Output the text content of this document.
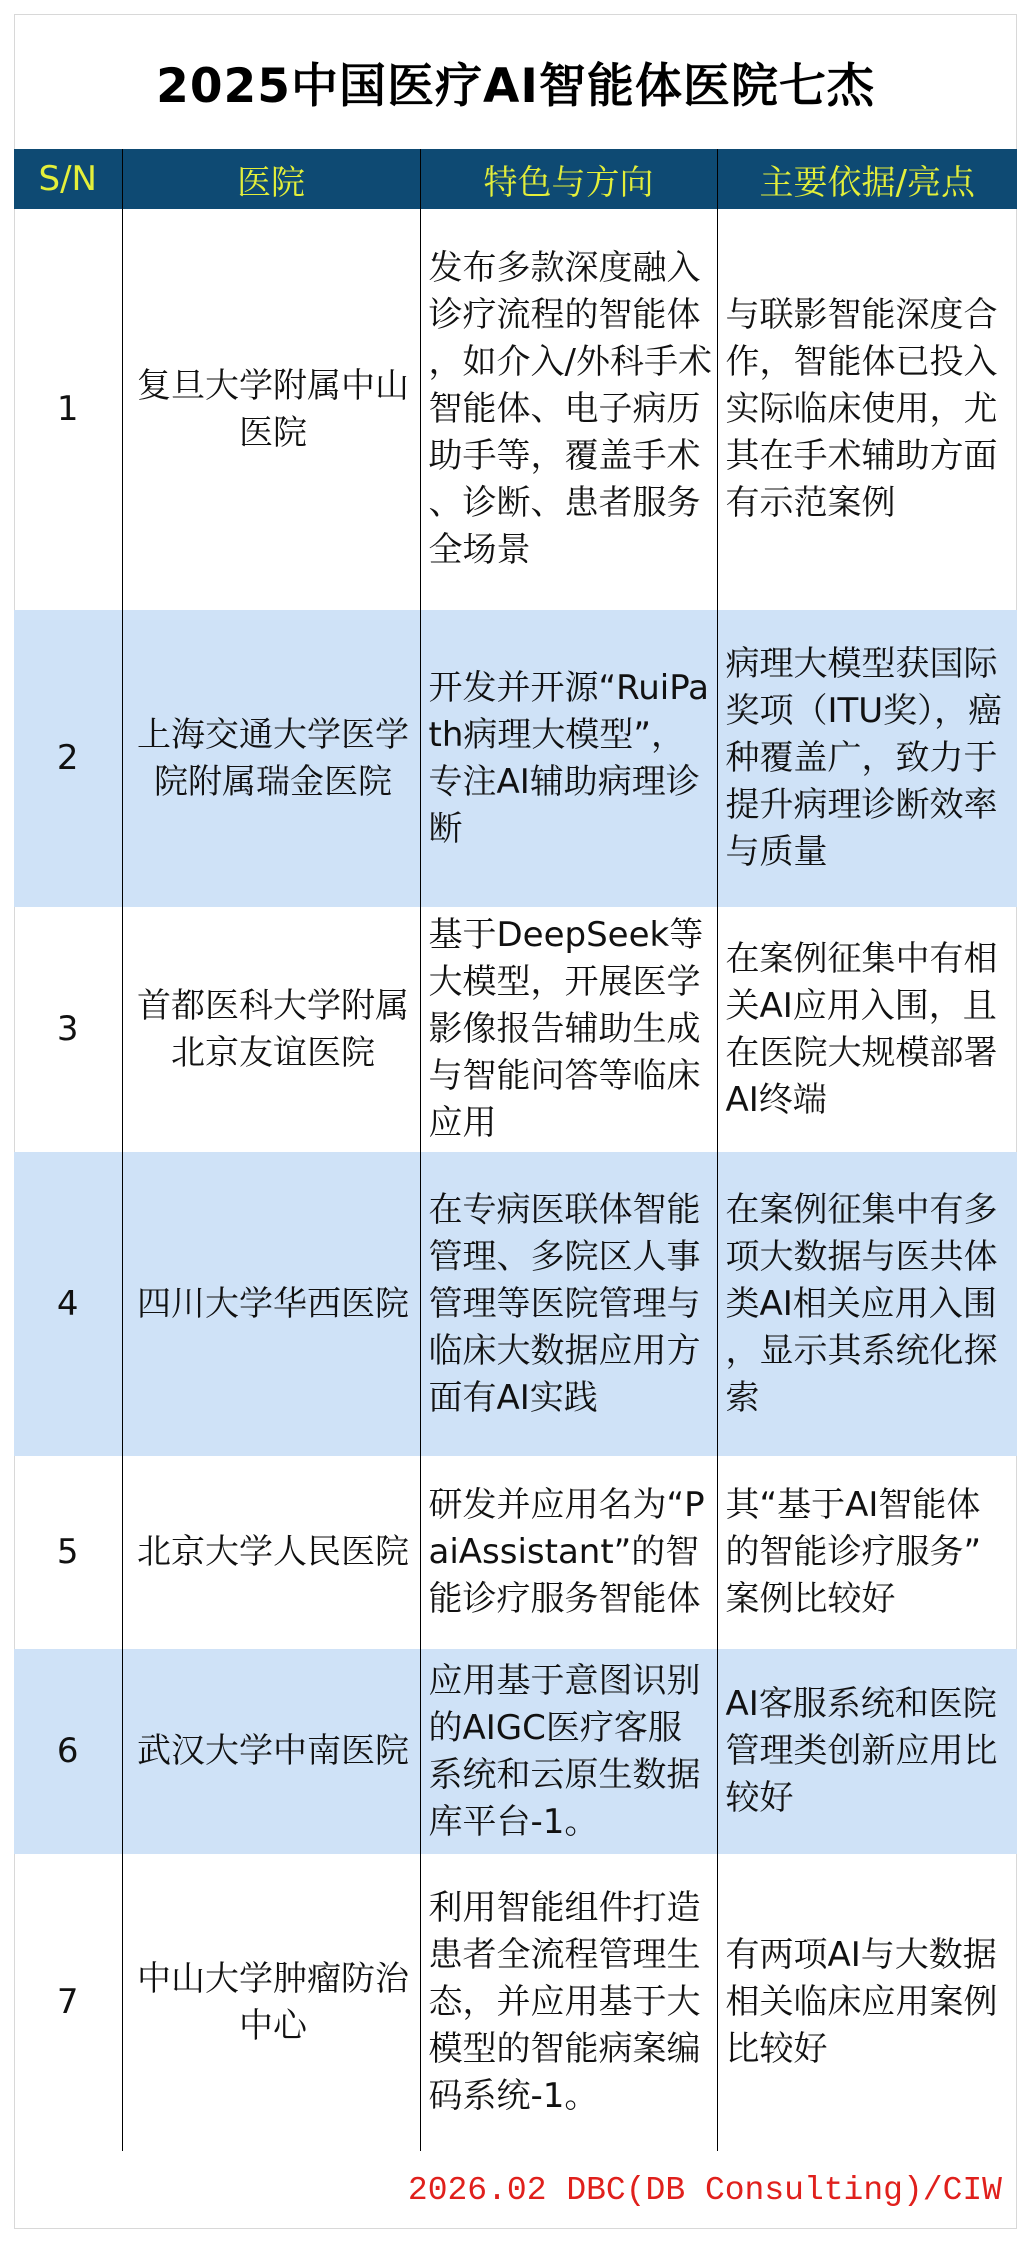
2025中国医疗AI智能体医院七杰
S/N	医院	特色与方向	主要依据/亮点
1	复旦大学附属中山医院	发布多款深度融入诊疗流程的智能体，如介入/外科手术智能体、电子病历助手等，覆盖手术、诊断、患者服务全场景	与联影智能深度合作，智能体已投入实际临床使用，尤其在手术辅助方面有示范案例
2	上海交通大学医学院附属瑞金医院	开发并开源“RuiPath病理大模型”，专注AI辅助病理诊断	病理大模型获国际奖项（ITU奖），癌种覆盖广，致力于提升病理诊断效率与质量
3	首都医科大学附属北京友谊医院	基于DeepSeek等大模型，开展医学影像报告辅助生成与智能问答等临床应用	在案例征集中有相关AI应用入围，且在医院大规模部署AI终端
4	四川大学华西医院	在专病医联体智能管理、多院区人事管理等医院管理与临床大数据应用方面有AI实践	在案例征集中有多项大数据与医共体类AI相关应用入围，显示其系统化探索
5	北京大学人民医院	研发并应用名为“PaiAssistant”的智能诊疗服务智能体	其“基于AI智能体的智能诊疗服务”案例比较好
6	武汉大学中南医院	应用基于意图识别的AIGC医疗客服系统和云原生数据库平台-1。	AI客服系统和医院管理类创新应用比较好
7	中山大学肿瘤防治中心	利用智能组件打造患者全流程管理生态，并应用基于大模型的智能病案编码系统-1。	有两项AI与大数据相关临床应用案例比较好
2026.02 DBC(DB Consulting)/CIW
